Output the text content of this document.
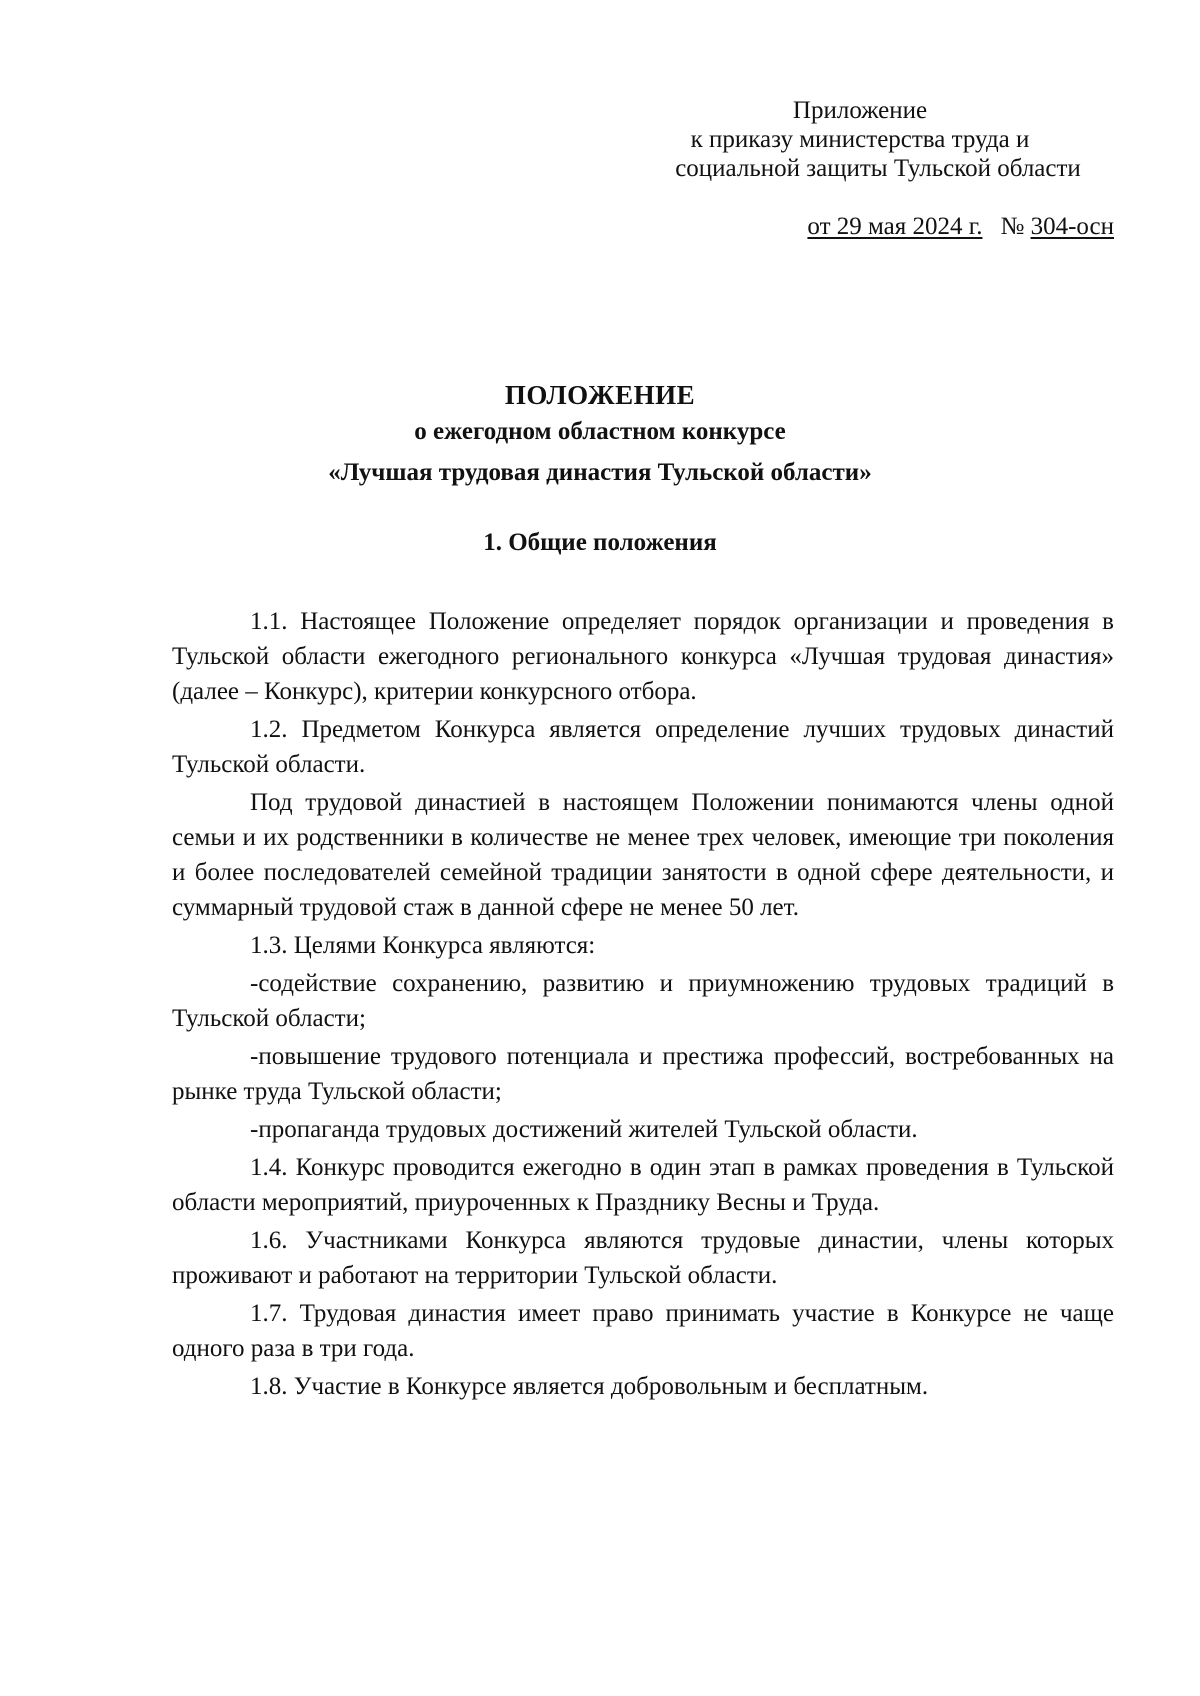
Приложение
к приказу министерства труда и
социальной защиты Тульской области
от 29 мая 2024 г. № 304-осн
ПОЛОЖЕНИЕ
о ежегодном областном конкурсе
«Лучшая трудовая династия Тульской области»
1. Общие положения

1.1. Настоящее Положение определяет порядок организации и проведения в Тульской области ежегодного регионального конкурса «Лучшая трудовая династия» (далее – Конкурс), критерии конкурсного отбора.

1.2. Предметом Конкурса является определение лучших трудовых династий Тульской области.

Под трудовой династией в настоящем Положении понимаются члены одной семьи и их родственники в количестве не менее трех человек, имеющие три поколения и более последователей семейной традиции занятости в одной сфере деятельности, и суммарный трудовой стаж в данной сфере не менее 50 лет.

1.3. Целями Конкурса являются:

-содействие сохранению, развитию и приумножению трудовых традиций в Тульской области;

-повышение трудового потенциала и престижа профессий, востребованных на рынке труда Тульской области;

-пропаганда трудовых достижений жителей Тульской области.

1.4. Конкурс проводится ежегодно в один этап в рамках проведения в Тульской области мероприятий, приуроченных к Празднику Весны и Труда.

1.6. Участниками Конкурса являются трудовые династии, члены которых проживают и работают на территории Тульской области.

1.7. Трудовая династия имеет право принимать участие в Конкурсе не чаще одного раза в три года.

1.8. Участие в Конкурсе является добровольным и бесплатным.
